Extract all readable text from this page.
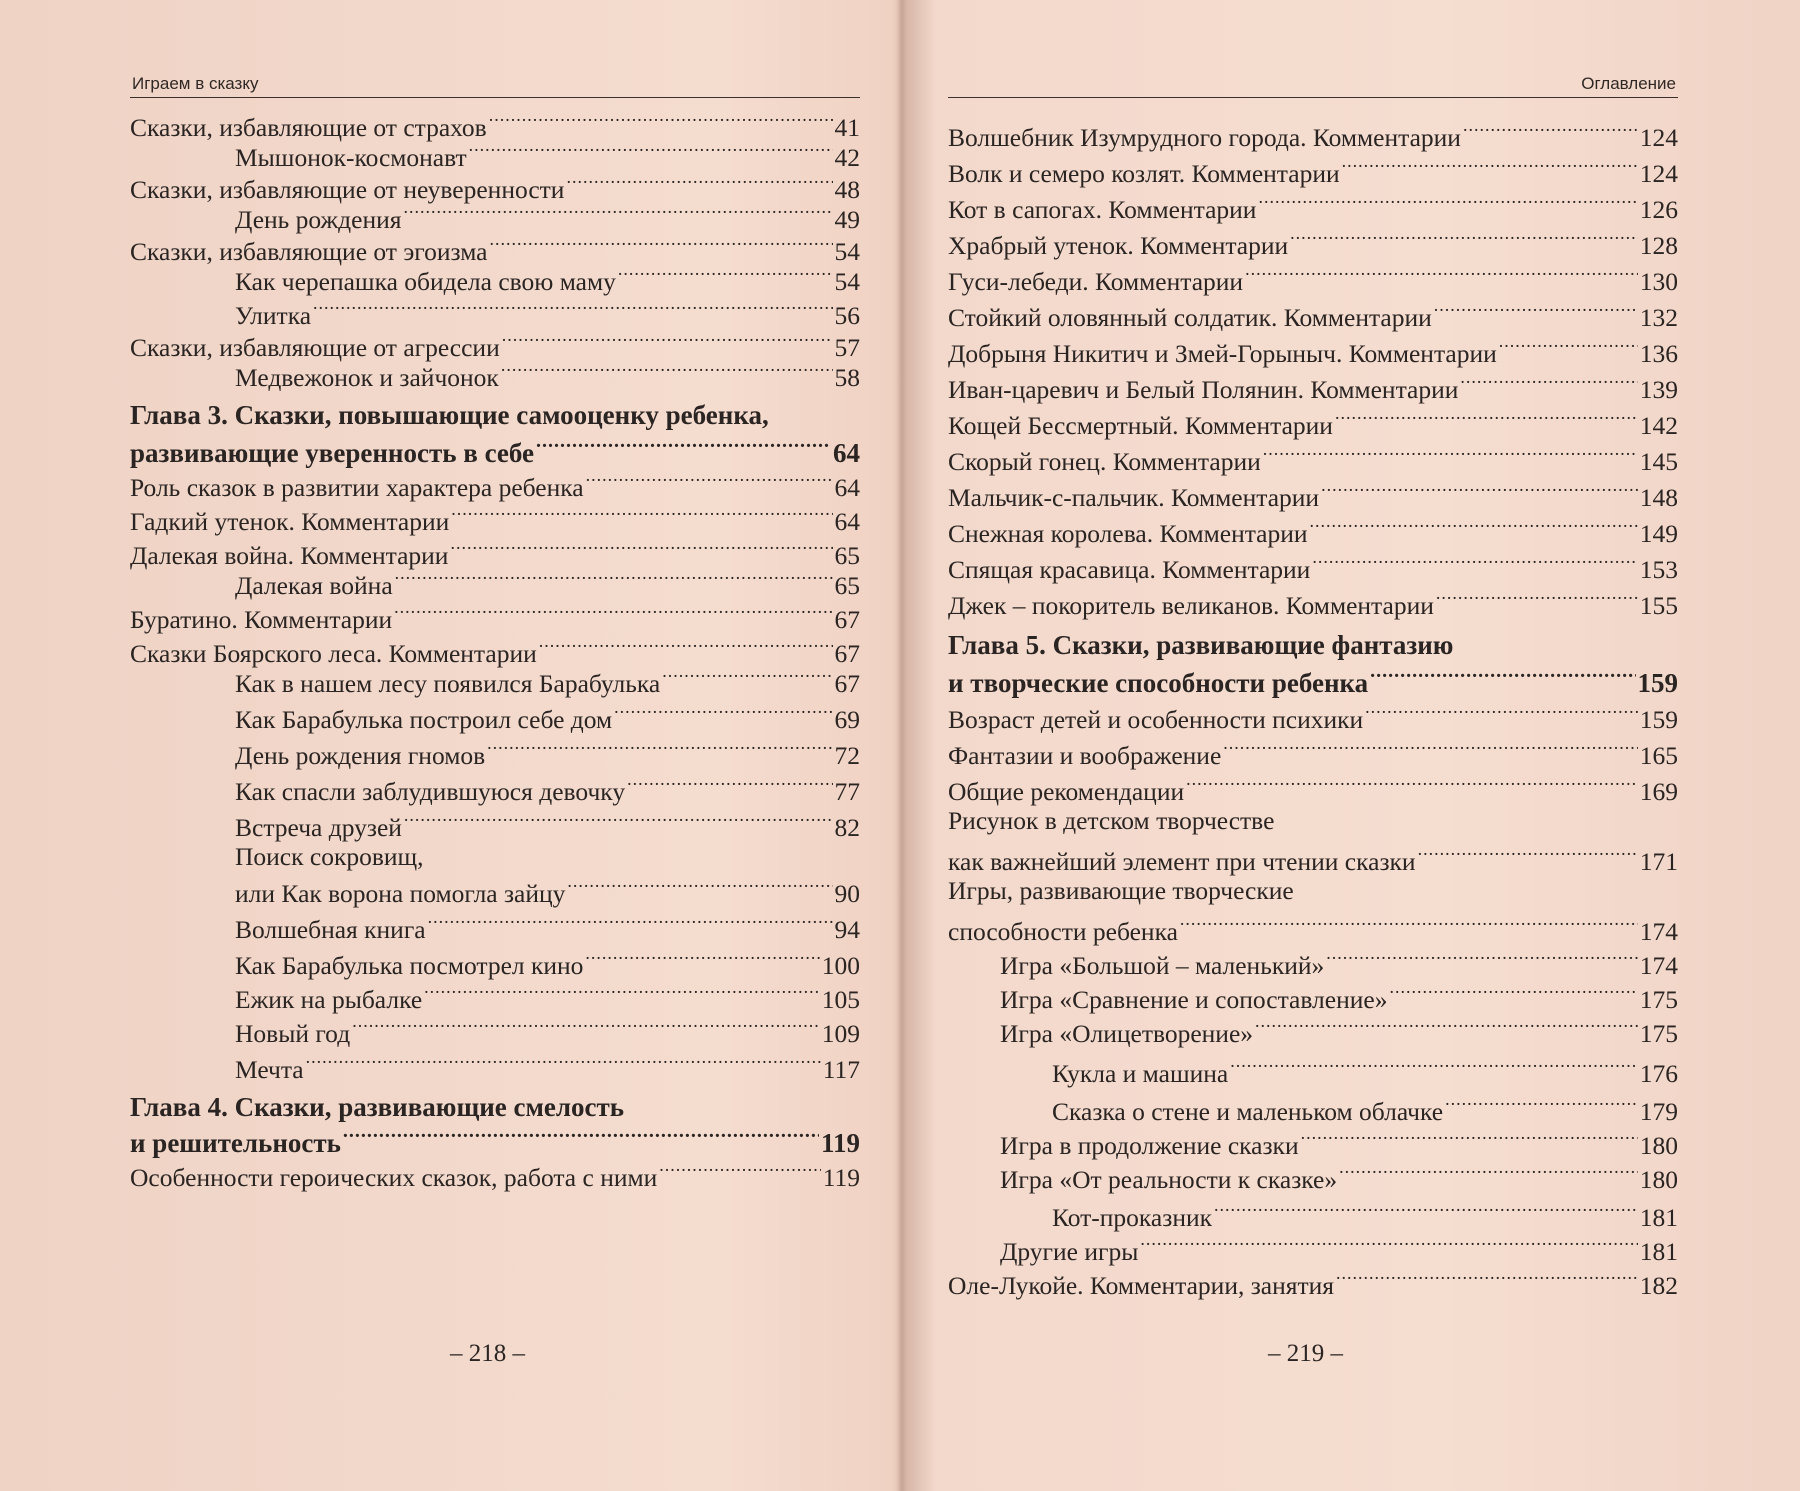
Играем в сказку
Сказки, избавляющие от страхов .....	41
Мышонок-космонавт .....	42
Сказки, избавляющие от неуверенности .....	48
День рождения .....	49
Сказки, избавляющие от эгоизма .....	54
Как черепашка обидела свою маму .....	54
Улитка .....	56
Сказки, избавляющие от агрессии .....	57
Медвежонок и зайчонок .....	58
Глава 3. Сказки, повышающие самооценку ребенка,
развивающие уверенность в себе .....	64
Роль сказок в развитии характера ребенка .....	64
Гадкий утенок. Комментарии .....	64
Далекая война. Комментарии .....	65
Далекая война .....	65
Буратино. Комментарии .....	67
Сказки Боярского леса. Комментарии .....	67
Как в нашем лесу появился Барабулька .....	67
Как Барабулька построил себе дом .....	69
День рождения гномов .....	72
Как спасли заблудившуюся девочку .....	77
Встреча друзей .....	82
Поиск сокровищ,
или Как ворона помогла зайцу .....	90
Волшебная книга .....	94
Как Барабулька посмотрел кино .....	100
Ежик на рыбалке .....	105
Новый год .....	109
Мечта .....	117
Глава 4. Сказки, развивающие смелость
и решительность .....	119
Особенности героических сказок, работа с ними .....	119
– 218 –
Оглавление
Волшебник Изумрудного города. Комментарии .....	124
Волк и семеро козлят. Комментарии .....	124
Кот в сапогах. Комментарии .....	126
Храбрый утенок. Комментарии .....	128
Гуси-лебеди. Комментарии .....	130
Стойкий оловянный солдатик. Комментарии .....	132
Добрыня Никитич и Змей-Горыныч. Комментарии .....	136
Иван-царевич и Белый Полянин. Комментарии .....	139
Кощей Бессмертный. Комментарии .....	142
Скорый гонец. Комментарии .....	145
Мальчик-с-пальчик. Комментарии .....	148
Снежная королева. Комментарии .....	149
Спящая красавица. Комментарии .....	153
Джек – покоритель великанов. Комментарии .....	155
Глава 5. Сказки, развивающие фантазию
и творческие способности ребенка .....	159
Возраст детей и особенности психики .....	159
Фантазии и воображение .....	165
Общие рекомендации .....	169
Рисунок в детском творчестве
как важнейший элемент при чтении сказки .....	171
Игры, развивающие творческие
способности ребенка .....	174
Игра «Большой – маленький» .....	174
Игра «Сравнение и сопоставление» .....	175
Игра «Олицетворение» .....	175
Кукла и машина .....	176
Сказка о стене и маленьком облачке .....	179
Игра в продолжение сказки .....	180
Игра «От реальности к сказке» .....	180
Кот-проказник .....	181
Другие игры .....	181
Оле-Лукойе. Комментарии, занятия .....	182
– 219 –
